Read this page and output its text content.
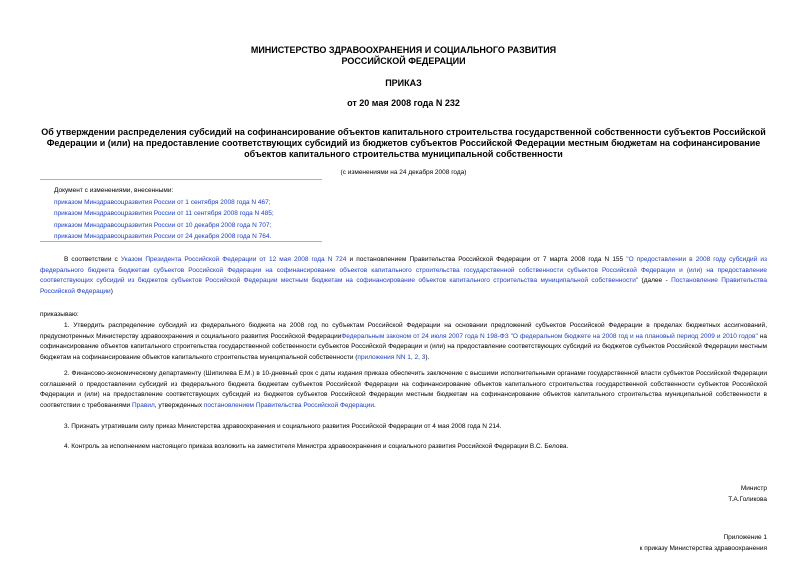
МИНИСТЕРСТВО ЗДРАВООХРАНЕНИЯ И СОЦИАЛЬНОГО РАЗВИТИЯ
РОССИЙСКОЙ ФЕДЕРАЦИИ
ПРИКАЗ
от 20 мая 2008 года N 232
Об утверждении распределения субсидий на софинансирование объектов капитального строительства государственной собственности субъектов Российской Федерации и (или) на предоставление соответствующих субсидий из бюджетов субъектов Российской Федерации местным бюджетам на софинансирование объектов капитального строительства муниципальной собственности
(с изменениями на 24 декабря 2008 года)
Документ с изменениями, внесенными:
приказом Минздравсоцразвития России от 1 сентября 2008 года N 467;
приказом Минздравсоцразвития России от 11 сентября 2008 года N 485;
приказом Минздравсоцразвития России от 10 декабря 2008 года N 707;
приказом Минздравсоцразвития России от 24 декабря 2008 года N 764.
В соответствии с Указом Президента Российской Федерации от 12 мая 2008 года N 724 и постановлением Правительства Российской Федерации от 7 марта 2008 года N 155 "О предоставлении в 2008 году субсидий из федерального бюджета бюджетам субъектов Российской Федерации на софинансирование объектов капитального строительства государственной собственности субъектов Российской Федерации и (или) на предоставление соответствующих субсидий из бюджетов субъектов Российской Федерации местным бюджетам на софинансирование объектов капитального строительства муниципальной собственности" (далее - Постановление Правительства Российской Федерации)
приказываю:
1. Утвердить распределение субсидий из федерального бюджета на 2008 год по субъектам Российской Федерации на основании предложений субъектов Российской Федерации в пределах бюджетных ассигнований, предусмотренных Министерству здравоохранения и социального развития Российской ФедерацииФедеральным законом от 24 июля 2007 года N 198-ФЗ "О федеральном бюджете на 2008 год и на плановый период 2009 и 2010 годов" на софинансирование объектов капитального строительства государственной собственности субъектов Российской Федерации и (или) на предоставление соответствующих субсидий из бюджетов субъектов Российской Федерации местным бюджетам на софинансирование объектов капитального строительства муниципальной собственности (приложения NN 1, 2, 3).
2. Финансово-экономическому департаменту (Шипилева Е.М.) в 10-дневный срок с даты издания приказа обеспечить заключение с высшими исполнительными органами государственной власти субъектов Российской Федерации соглашений о предоставлении субсидий из федерального бюджета бюджетам субъектов Российской Федерации на софинансирование объектов капитального строительства государственной собственности субъектов Российской Федерации и (или) на предоставление соответствующих субсидий из бюджетов субъектов Российской Федерации местным бюджетам на софинансирование объектов капитального строительства муниципальной собственности в соответствии с требованиями Правил, утвержденных постановлением Правительства Российской Федерации.
3. Признать утратившим силу приказ Министерства здравоохранения и социального развития Российской Федерации от 4 мая 2008 года N 214.
4. Контроль за исполнением настоящего приказа возложить на заместителя Министра здравоохранения и социального развития Российской Федерации В.С. Белова.
Министр
Т.А.Голикова
Приложение 1
к приказу Министерства здравоохранения
